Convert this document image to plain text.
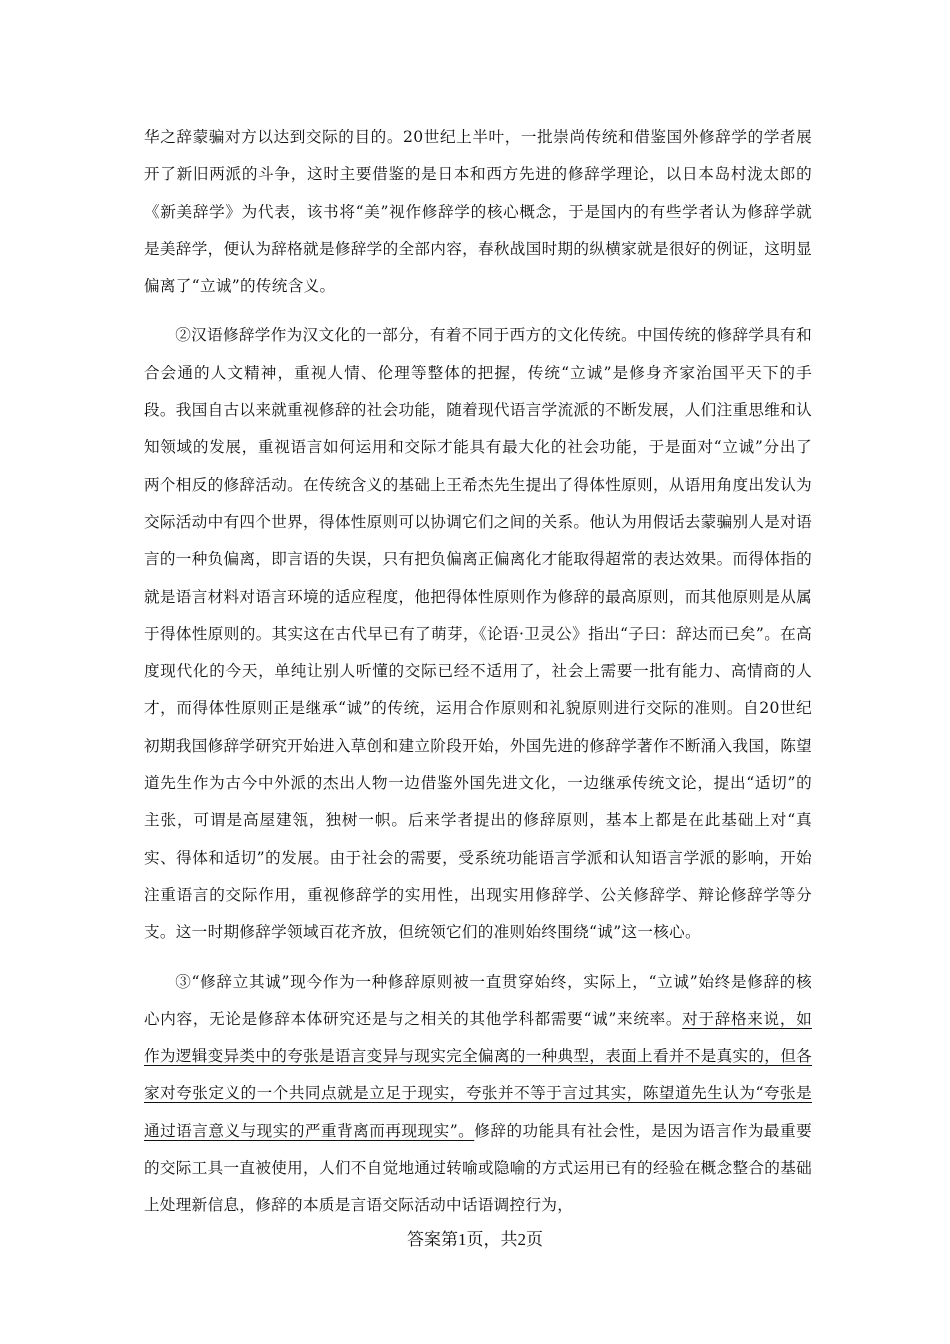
华之辞蒙骗对方以达到交际的目的。20世纪上半叶，一批崇尚传统和借鉴国外修辞学的学者展开了新旧两派的斗争，这时主要借鉴的是日本和西方先进的修辞学理论，以日本岛村泷太郎的《新美辞学》为代表，该书将“美”视作修辞学的核心概念，于是国内的有些学者认为修辞学就是美辞学，便认为辞格就是修辞学的全部内容，春秋战国时期的纵横家就是很好的例证，这明显偏离了“立诚”的传统含义。

②汉语修辞学作为汉文化的一部分，有着不同于西方的文化传统。中国传统的修辞学具有和合会通的人文精神，重视人情、伦理等整体的把握，传统“立诚”是修身齐家治国平天下的手段。我国自古以来就重视修辞的社会功能，随着现代语言学流派的不断发展，人们注重思维和认知领域的发展，重视语言如何运用和交际才能具有最大化的社会功能，于是面对“立诚”分出了两个相反的修辞活动。在传统含义的基础上王希杰先生提出了得体性原则，从语用角度出发认为交际活动中有四个世界，得体性原则可以协调它们之间的关系。他认为用假话去蒙骗别人是对语言的一种负偏离，即言语的失误，只有把负偏离正偏离化才能取得超常的表达效果。而得体指的就是语言材料对语言环境的适应程度，他把得体性原则作为修辞的最高原则，而其他原则是从属于得体性原则的。其实这在古代早已有了萌芽，《论语·卫灵公》指出“子曰：辞达而已矣”。在高度现代化的今天，单纯让别人听懂的交际已经不适用了，社会上需要一批有能力、高情商的人才，而得体性原则正是继承“诚”的传统，运用合作原则和礼貌原则进行交际的准则。自20世纪初期我国修辞学研究开始进入草创和建立阶段开始，外国先进的修辞学著作不断涌入我国，陈望道先生作为古今中外派的杰出人物一边借鉴外国先进文化，一边继承传统文论，提出“适切”的主张，可谓是高屋建瓴，独树一帜。后来学者提出的修辞原则，基本上都是在此基础上对“真实、得体和适切”的发展。由于社会的需要，受系统功能语言学派和认知语言学派的影响，开始注重语言的交际作用，重视修辞学的实用性，出现实用修辞学、公关修辞学、辩论修辞学等分支。这一时期修辞学领域百花齐放，但统领它们的准则始终围绕“诚”这一核心。

③“修辞立其诚”现今作为一种修辞原则被一直贯穿始终，实际上，“立诚”始终是修辞的核心内容，无论是修辞本体研究还是与之相关的其他学科都需要“诚”来统率。对于辞格来说，如作为逻辑变异类中的夸张是语言变异与现实完全偏离的一种典型，表面上看并不是真实的，但各家对夸张定义的一个共同点就是立足于现实，夸张并不等于言过其实，陈望道先生认为“夸张是通过语言意义与现实的严重背离而再现现实”。修辞的功能具有社会性，是因为语言作为最重要的交际工具一直被使用，人们不自觉地通过转喻或隐喻的方式运用已有的经验在概念整合的基础上处理新信息，修辞的本质是言语交际活动中话语调控行为，

答案第1页，共2页
